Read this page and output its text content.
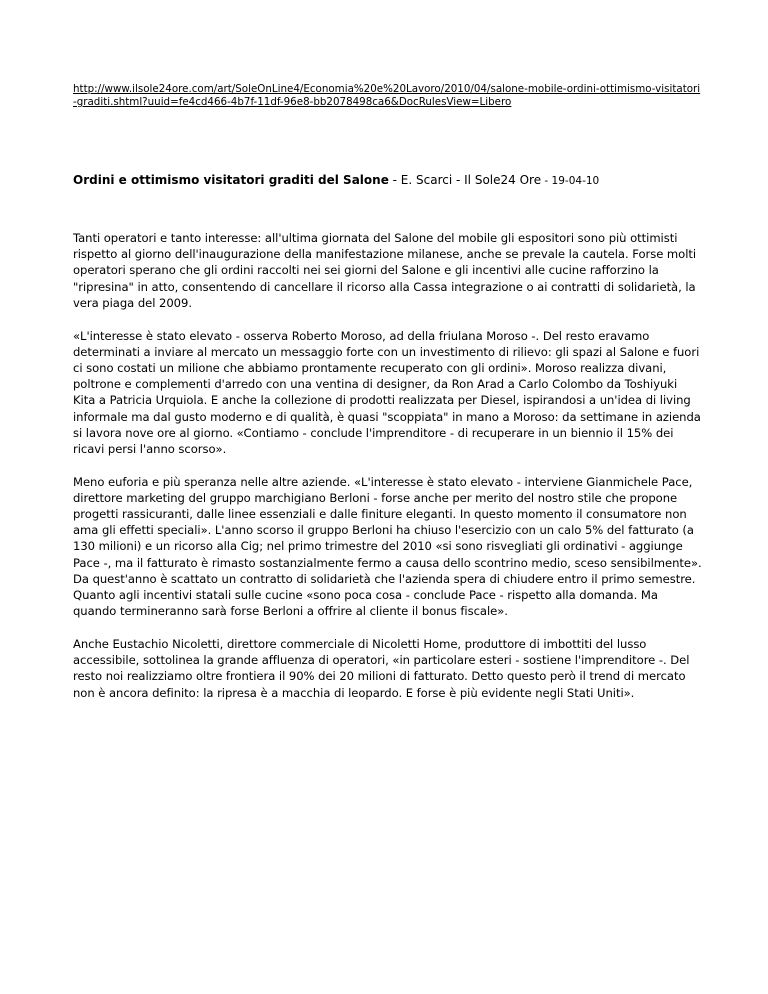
http://www.ilsole24ore.com/art/SoleOnLine4/Economia%20e%20Lavoro/2010/04/salone-mobile-ordini-ottimismo-visitatori-graditi.shtml?uuid=fe4cd466-4b7f-11df-96e8-bb2078498ca6&DocRulesView=Libero
Ordini e ottimismo visitatori graditi del Salone - E. Scarci - Il Sole24 Ore - 19-04-10

Tanti operatori e tanto interesse: all'ultima giornata del Salone del mobile gli espositori sono più ottimisti rispetto al giorno dell'inaugurazione della manifestazione milanese, anche se prevale la cautela. Forse molti operatori sperano che gli ordini raccolti nei sei giorni del Salone e gli incentivi alle cucine rafforzino la "ripresina" in atto, consentendo di cancellare il ricorso alla Cassa integrazione o ai contratti di solidarietà, la vera piaga del 2009.

«L'interesse è stato elevato - osserva Roberto Moroso, ad della friulana Moroso -. Del resto eravamo determinati a inviare al mercato un messaggio forte con un investimento di rilievo: gli spazi al Salone e fuori ci sono costati un milione che abbiamo prontamente recuperato con gli ordini». Moroso realizza divani, poltrone e complementi d'arredo con una ventina di designer, da Ron Arad a Carlo Colombo da Toshiyuki Kita a Patricia Urquiola. E anche la collezione di prodotti realizzata per Diesel, ispirandosi a un'idea di living informale ma dal gusto moderno e di qualità, è quasi "scoppiata" in mano a Moroso: da settimane in azienda si lavora nove ore al giorno. «Contiamo - conclude l'imprenditore - di recuperare in un biennio il 15% dei ricavi persi l'anno scorso».

Meno euforia e più speranza nelle altre aziende. «L'interesse è stato elevato - interviene Gianmichele Pace, direttore marketing del gruppo marchigiano Berloni - forse anche per merito del nostro stile che propone progetti rassicuranti, dalle linee essenziali e dalle finiture eleganti. In questo momento il consumatore non ama gli effetti speciali». L'anno scorso il gruppo Berloni ha chiuso l'esercizio con un calo 5% del fatturato (a 130 milioni) e un ricorso alla Cig; nel primo trimestre del 2010 «si sono risvegliati gli ordinativi - aggiunge Pace -, ma il fatturato è rimasto sostanzialmente fermo a causa dello scontrino medio, sceso sensibilmente». Da quest'anno è scattato un contratto di solidarietà che l'azienda spera di chiudere entro il primo semestre. Quanto agli incentivi statali sulle cucine «sono poca cosa - conclude Pace - rispetto alla domanda. Ma quando termineranno sarà forse Berloni a offrire al cliente il bonus fiscale».

Anche Eustachio Nicoletti, direttore commerciale di Nicoletti Home, produttore di imbottiti del lusso accessibile, sottolinea la grande affluenza di operatori, «in particolare esteri - sostiene l'imprenditore -. Del resto noi realizziamo oltre frontiera il 90% dei 20 milioni di fatturato. Detto questo però il trend di mercato non è ancora definito: la ripresa è a macchia di leopardo. E forse è più evidente negli Stati Uniti».
